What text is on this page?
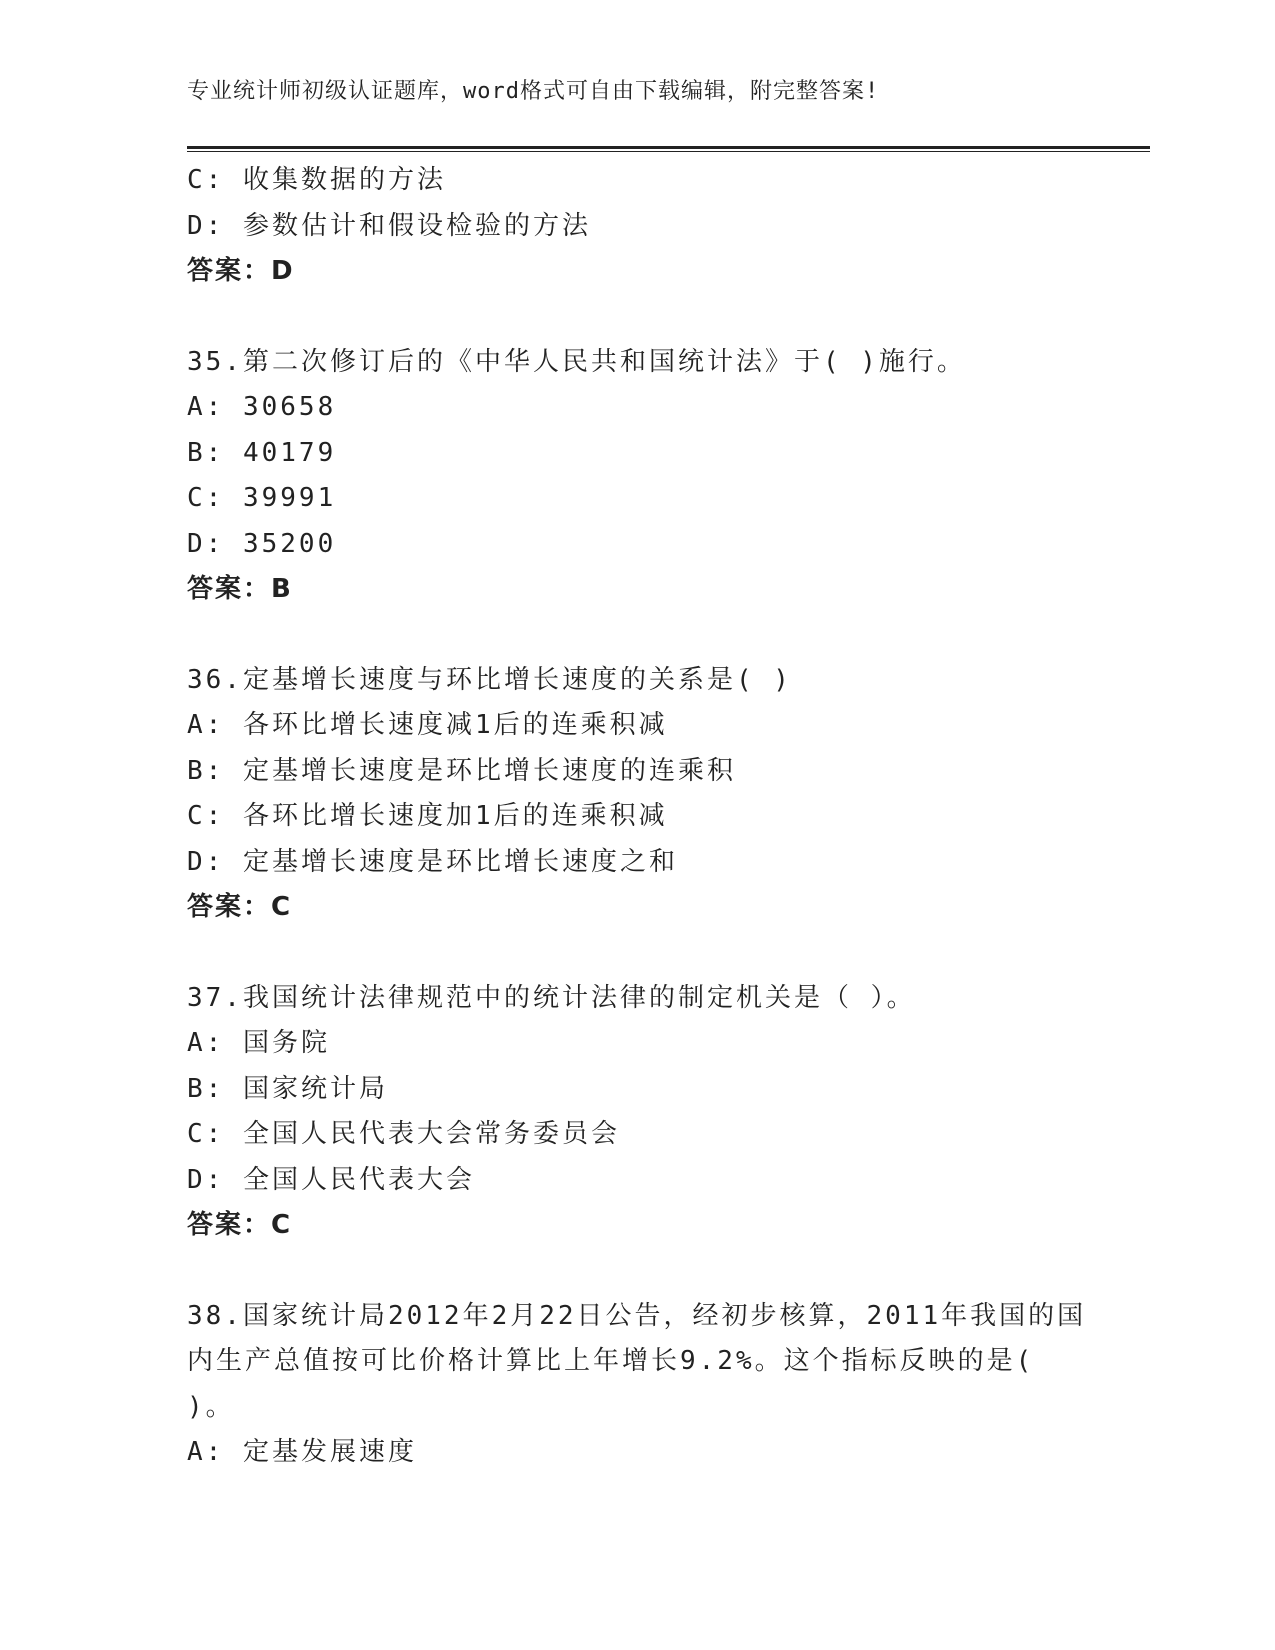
专业统计师初级认证题库，word格式可自由下载编辑，附完整答案!
C: 收集数据的方法
D: 参数估计和假设检验的方法
答案：D
35.第二次修订后的《中华人民共和国统计法》于( )施行。
A: 30658
B: 40179
C: 39991
D: 35200
答案：B
36.定基增长速度与环比增长速度的关系是( )
A: 各环比增长速度减1后的连乘积减
B: 定基增长速度是环比增长速度的连乘积
C: 各环比增长速度加1后的连乘积减
D: 定基增长速度是环比增长速度之和
答案：C
37.我国统计法律规范中的统计法律的制定机关是（ ）。
A: 国务院
B: 国家统计局
C: 全国人民代表大会常务委员会
D: 全国人民代表大会
答案：C
38.国家统计局2012年2月22日公告，经初步核算，2011年我国的国
内生产总值按可比价格计算比上年增长9.2%。这个指标反映的是(
)。
A: 定基发展速度
